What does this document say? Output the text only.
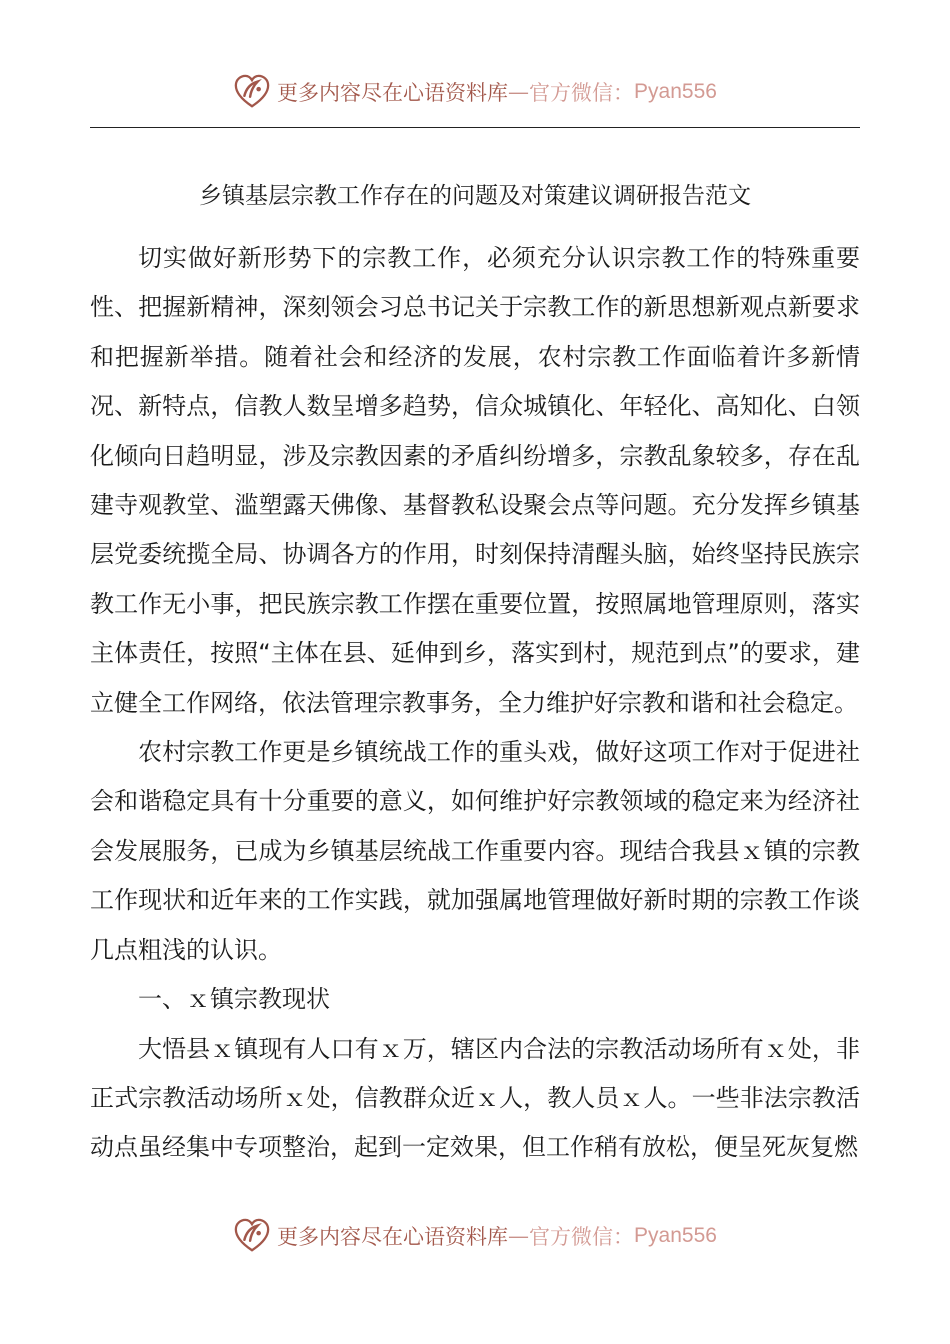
更多内容尽在心语资料库 — 官方微信： Pyan556
乡镇基层宗教工作存在的问题及对策建议调研报告范文

切实做好新形势下的宗教工作，必须充分认识宗教工作的特殊重要性、把握新精神，深刻领会习总书记关于宗教工作的新思想新观点新要求和把握新举措。随着社会和经济的发展，农村宗教工作面临着许多新情况、新特点，信教人数呈增多趋势，信众城镇化、年轻化、高知化、白领化倾向日趋明显，涉及宗教因素的矛盾纠纷增多，宗教乱象较多，存在乱建寺观教堂、滥塑露天佛像、基督教私设聚会点等问题。充分发挥乡镇基层党委统揽全局、协调各方的作用，时刻保持清醒头脑，始终坚持民族宗教工作无小事，把民族宗教工作摆在重要位置，按照属地管理原则，落实主体责任，按照“主体在县、延伸到乡，落实到村，规范到点”的要求，建立健全工作网络，依法管理宗教事务，全力维护好宗教和谐和社会稳定。

农村宗教工作更是乡镇统战工作的重头戏，做好这项工作对于促进社会和谐稳定具有十分重要的意义，如何维护好宗教领域的稳定来为经济社会发展服务，已成为乡镇基层统战工作重要内容。现结合我县ｘ镇的宗教工作现状和近年来的工作实践，就加强属地管理做好新时期的宗教工作谈几点粗浅的认识。

一、ｘ镇宗教现状

大悟县ｘ镇现有人口有ｘ万，辖区内合法的宗教活动场所有ｘ处，非正式宗教活动场所ｘ处，信教群众近ｘ人，教人员ｘ人。一些非法宗教活动点虽经集中专项整治，起到一定效果，但工作稍有放松，便呈死灰复燃

更多内容尽在心语资料库 — 官方微信： Pyan556
